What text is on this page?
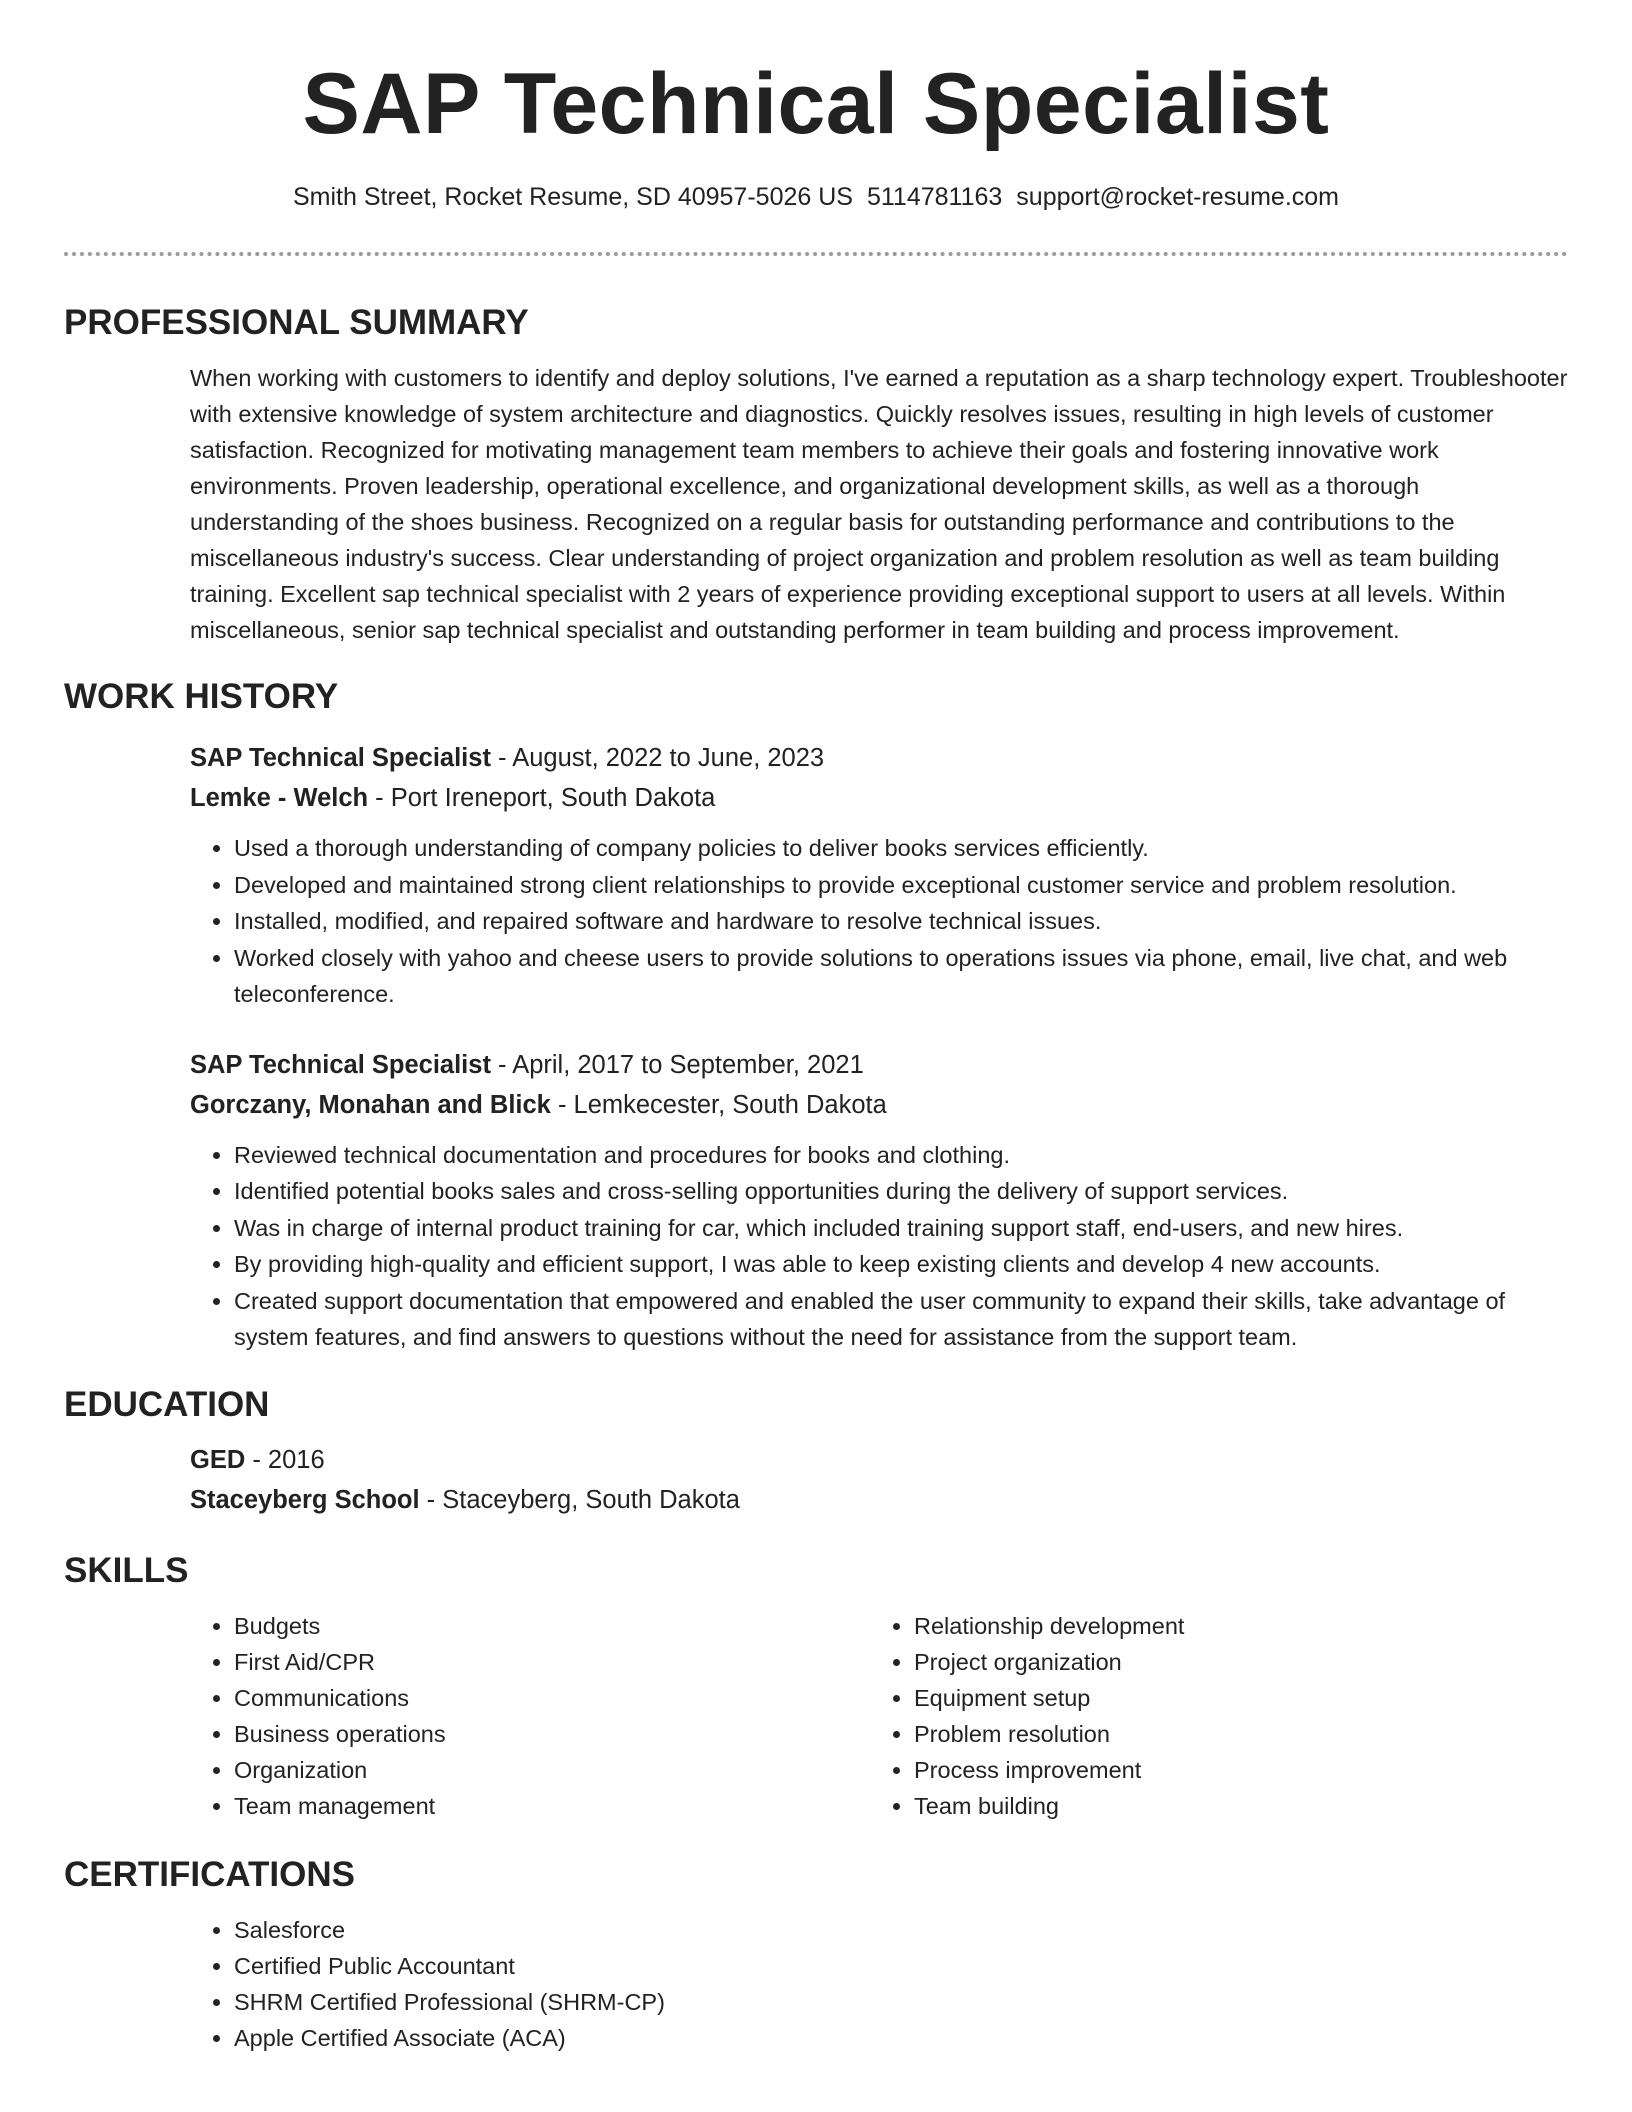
SAP Technical Specialist
Smith Street, Rocket Resume, SD 40957-5026 US 5114781163 support@rocket-resume.com
PROFESSIONAL SUMMARY

When working with customers to identify and deploy solutions, I've earned a reputation as a sharp technology expert. Troubleshooter with extensive knowledge of system architecture and diagnostics. Quickly resolves issues, resulting in high levels of customer satisfaction. Recognized for motivating management team members to achieve their goals and fostering innovative work environments. Proven leadership, operational excellence, and organizational development skills, as well as a thorough understanding of the shoes business. Recognized on a regular basis for outstanding performance and contributions to the miscellaneous industry's success. Clear understanding of project organization and problem resolution as well as team building training. Excellent sap technical specialist with 2 years of experience providing exceptional support to users at all levels. Within miscellaneous, senior sap technical specialist and outstanding performer in team building and process improvement.

WORK HISTORY

SAP Technical Specialist - August, 2022 to June, 2023

Lemke - Welch - Port Ireneport, South Dakota

• Used a thorough understanding of company policies to deliver books services efficiently.
• Developed and maintained strong client relationships to provide exceptional customer service and problem resolution.
• Installed, modified, and repaired software and hardware to resolve technical issues.
• Worked closely with yahoo and cheese users to provide solutions to operations issues via phone, email, live chat, and web teleconference.

SAP Technical Specialist - April, 2017 to September, 2021

Gorczany, Monahan and Blick - Lemkecester, South Dakota

• Reviewed technical documentation and procedures for books and clothing.
• Identified potential books sales and cross-selling opportunities during the delivery of support services.
• Was in charge of internal product training for car, which included training support staff, end-users, and new hires.
• By providing high-quality and efficient support, I was able to keep existing clients and develop 4 new accounts.
• Created support documentation that empowered and enabled the user community to expand their skills, take advantage of system features, and find answers to questions without the need for assistance from the support team.
EDUCATION

GED - 2016

Staceyberg School - Staceyberg, South Dakota

SKILLS
• Budgets
• First Aid/CPR
• Communications
• Business operations
• Organization
• Team management
• Relationship development
• Project organization
• Equipment setup
• Problem resolution
• Process improvement
• Team building
CERTIFICATIONS
• Salesforce
• Certified Public Accountant
• SHRM Certified Professional (SHRM-CP)
• Apple Certified Associate (ACA)
